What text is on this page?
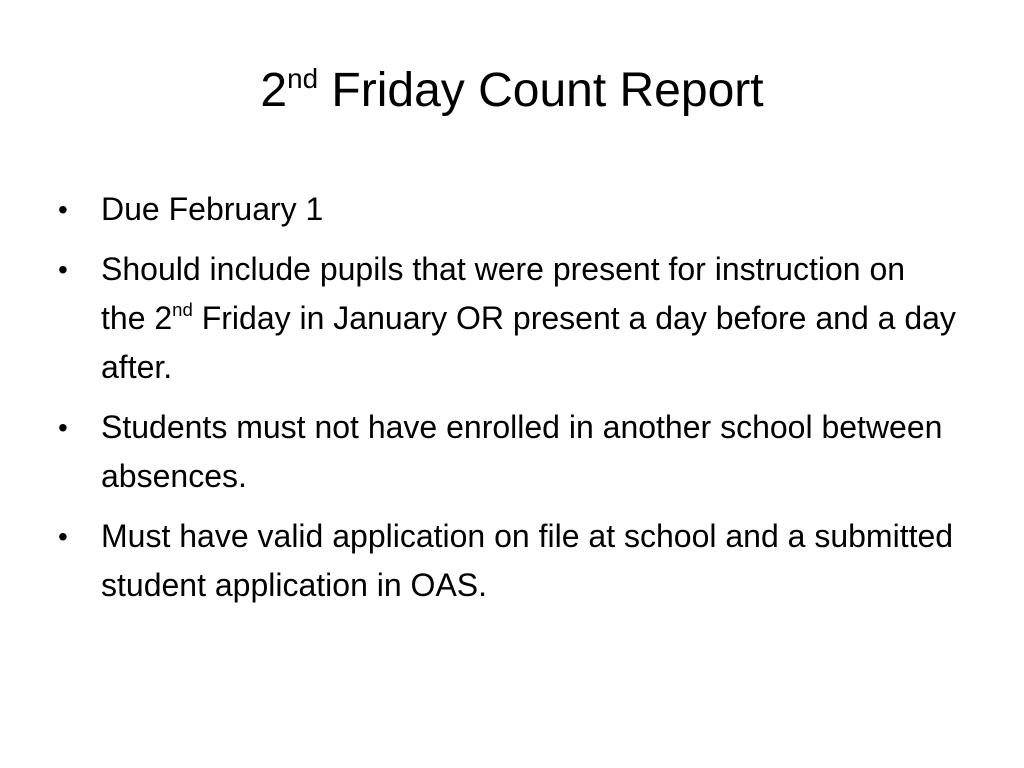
2nd Friday Count Report
• Due February 1
• Should include pupils that were present for instruction on the 2nd Friday in January OR present a day before and a day after.
• Students must not have enrolled in another school between absences.
• Must have valid application on file at school and a submitted student application in OAS.
